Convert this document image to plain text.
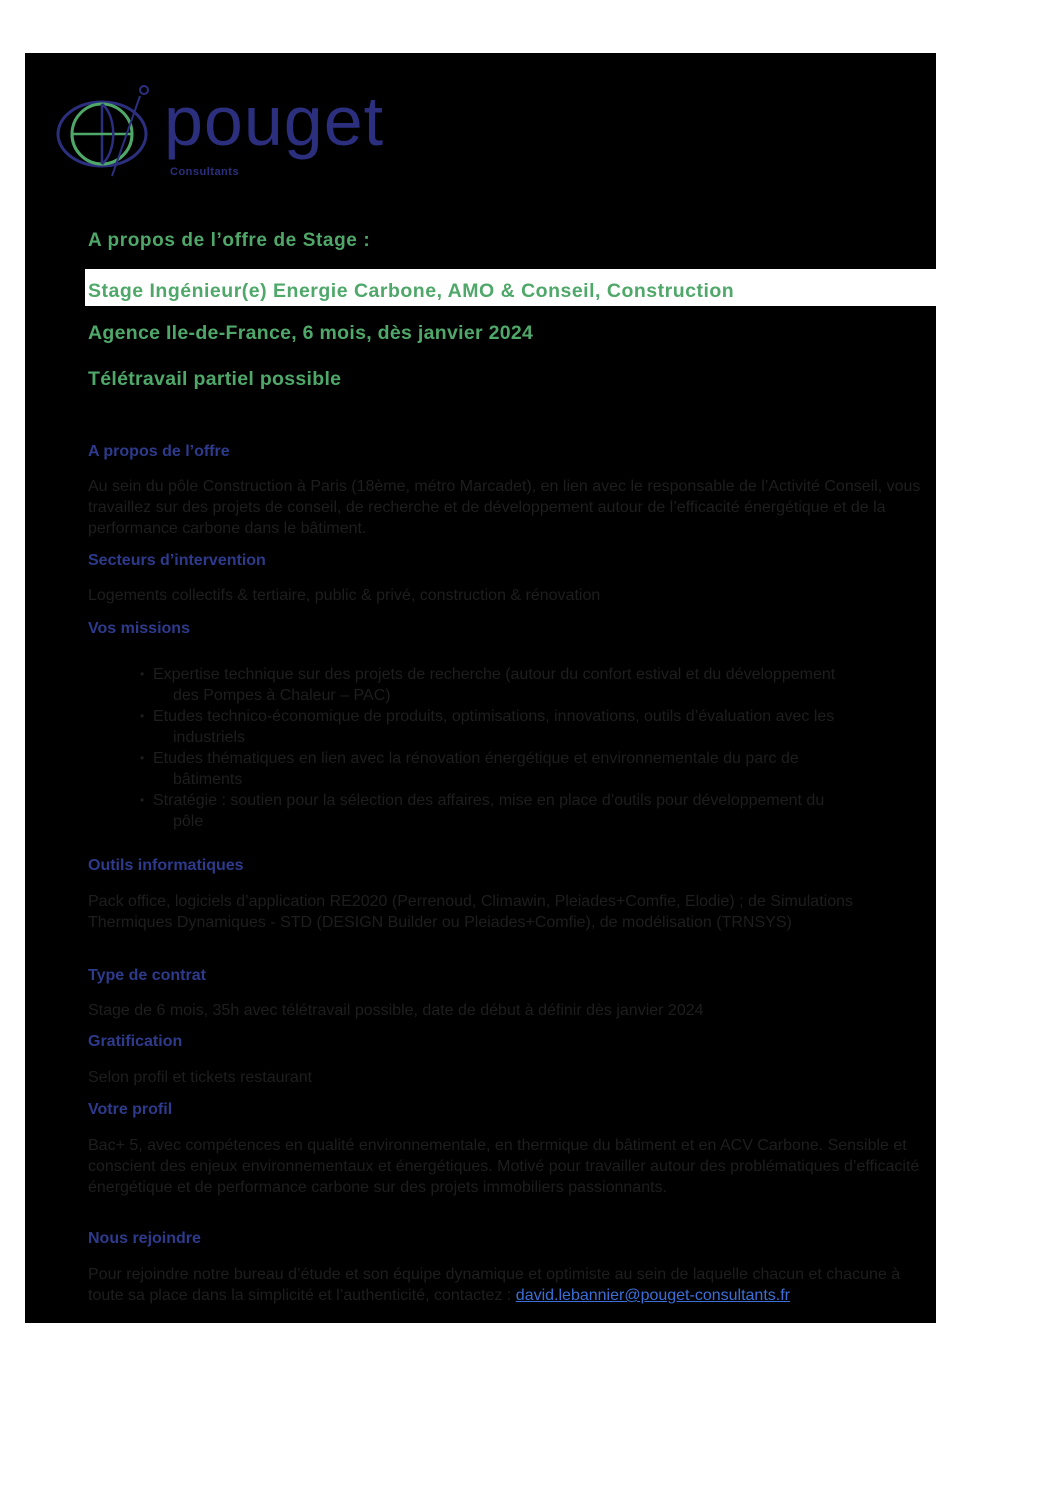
pouget
Consultants
A propos de l’offre de Stage :
Stage Ingénieur(e) Energie Carbone, AMO & Conseil, Construction
Agence Ile-de-France, 6 mois, dès janvier 2024
Télétravail partiel possible
A propos de l’offre
Au sein du pôle Construction à Paris (18ème, métro Marcadet), en lien avec le responsable de l’Activité Conseil, vous travaillez sur des projets de conseil, de recherche et de développement autour de l’efficacité énergétique et de la performance carbone dans le bâtiment.
Secteurs d’intervention
Logements collectifs & tertiaire, public & privé, construction & rénovation
Vos missions
• Expertise technique sur des projets de recherche (autour du confort estival et du développement
des Pompes à Chaleur – PAC)
• Etudes technico-économique de produits, optimisations, innovations, outils d’évaluation avec les
industriels
• Etudes thématiques en lien avec la rénovation énergétique et environnementale du parc de
bâtiments
• Stratégie : soutien pour la sélection des affaires, mise en place d’outils pour développement du
pôle
Outils informatiques
Pack office, logiciels d’application RE2020 (Perrenoud, Climawin, Pleiades+Comfie, Elodie) ; de Simulations Thermiques Dynamiques - STD (DESIGN Builder ou Pleiades+Comfie), de modélisation (TRNSYS)
Type de contrat
Stage de 6 mois, 35h avec télétravail possible, date de début à définir dès janvier 2024
Gratification
Selon profil et tickets restaurant
Votre profil
Bac+ 5, avec compétences en qualité environnementale, en thermique du bâtiment et en ACV Carbone. Sensible et conscient des enjeux environnementaux et énergétiques. Motivé pour travailler autour des problématiques d’efficacité énergétique et de performance carbone sur des projets immobiliers passionnants.
Nous rejoindre
Pour rejoindre notre bureau d’étude et son équipe dynamique et optimiste au sein de laquelle chacun et chacune à toute sa place dans la simplicité et l’authenticité, contactez : david.lebannier@pouget-consultants.fr
